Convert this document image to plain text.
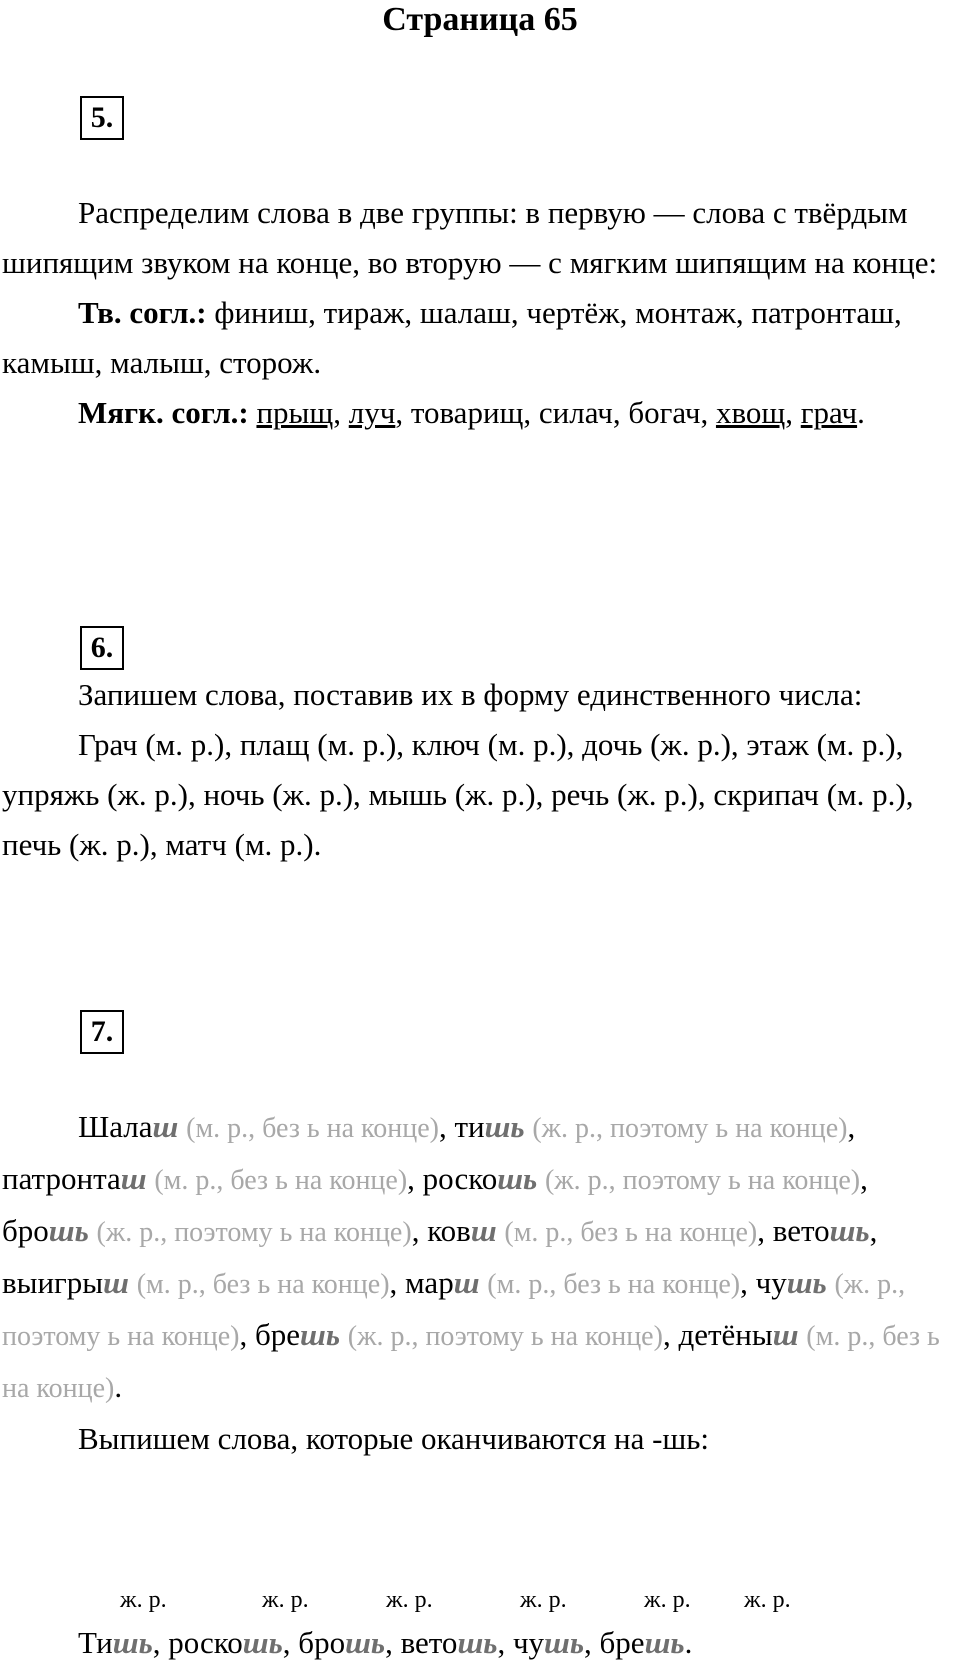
Страница 65
5.

Распределим слова в две группы: в первую — слова с твёрдым шипящим звуком на конце, во вторую — с мягким шипящим на конце:

Тв. согл.: финиш, тираж, шалаш, чертёж, монтаж, патронташ, камыш, малыш, сторож.

Мягк. согл.: прыщ, луч, товарищ, силач, богач, хвощ, грач.

6.

Запишем слова, поставив их в форму единственного числа:

Грач (м. р.), плащ (м. р.), ключ (м. р.), дочь (ж. р.), этаж (м. р.), упряжь (ж. р.), ночь (ж. р.), мышь (ж. р.), речь (ж. р.), скрипач (м. р.), печь (ж. р.), матч (м. р.).

7.

Шалаш (м. р., без ь на конце), тишь (ж. р., поэтому ь на конце), патронташ (м. р., без ь на конце), роскошь (ж. р., поэтому ь на конце), брошь (ж. р., поэтому ь на конце), ковш (м. р., без ь на конце), ветошь, выигрыш (м. р., без ь на конце), марш (м. р., без ь на конце), чушь (ж. р., поэтому ь на конце), брешь (ж. р., поэтому ь на конце), детёныш (м. р., без ь на конце).

Выпишем слова, которые оканчиваются на -шь:

ж. р.	ж. р.	ж. р.	ж. р.	ж. р. ж. р.

Тишь, роскошь, брошь, ветошь, чушь, брешь.
